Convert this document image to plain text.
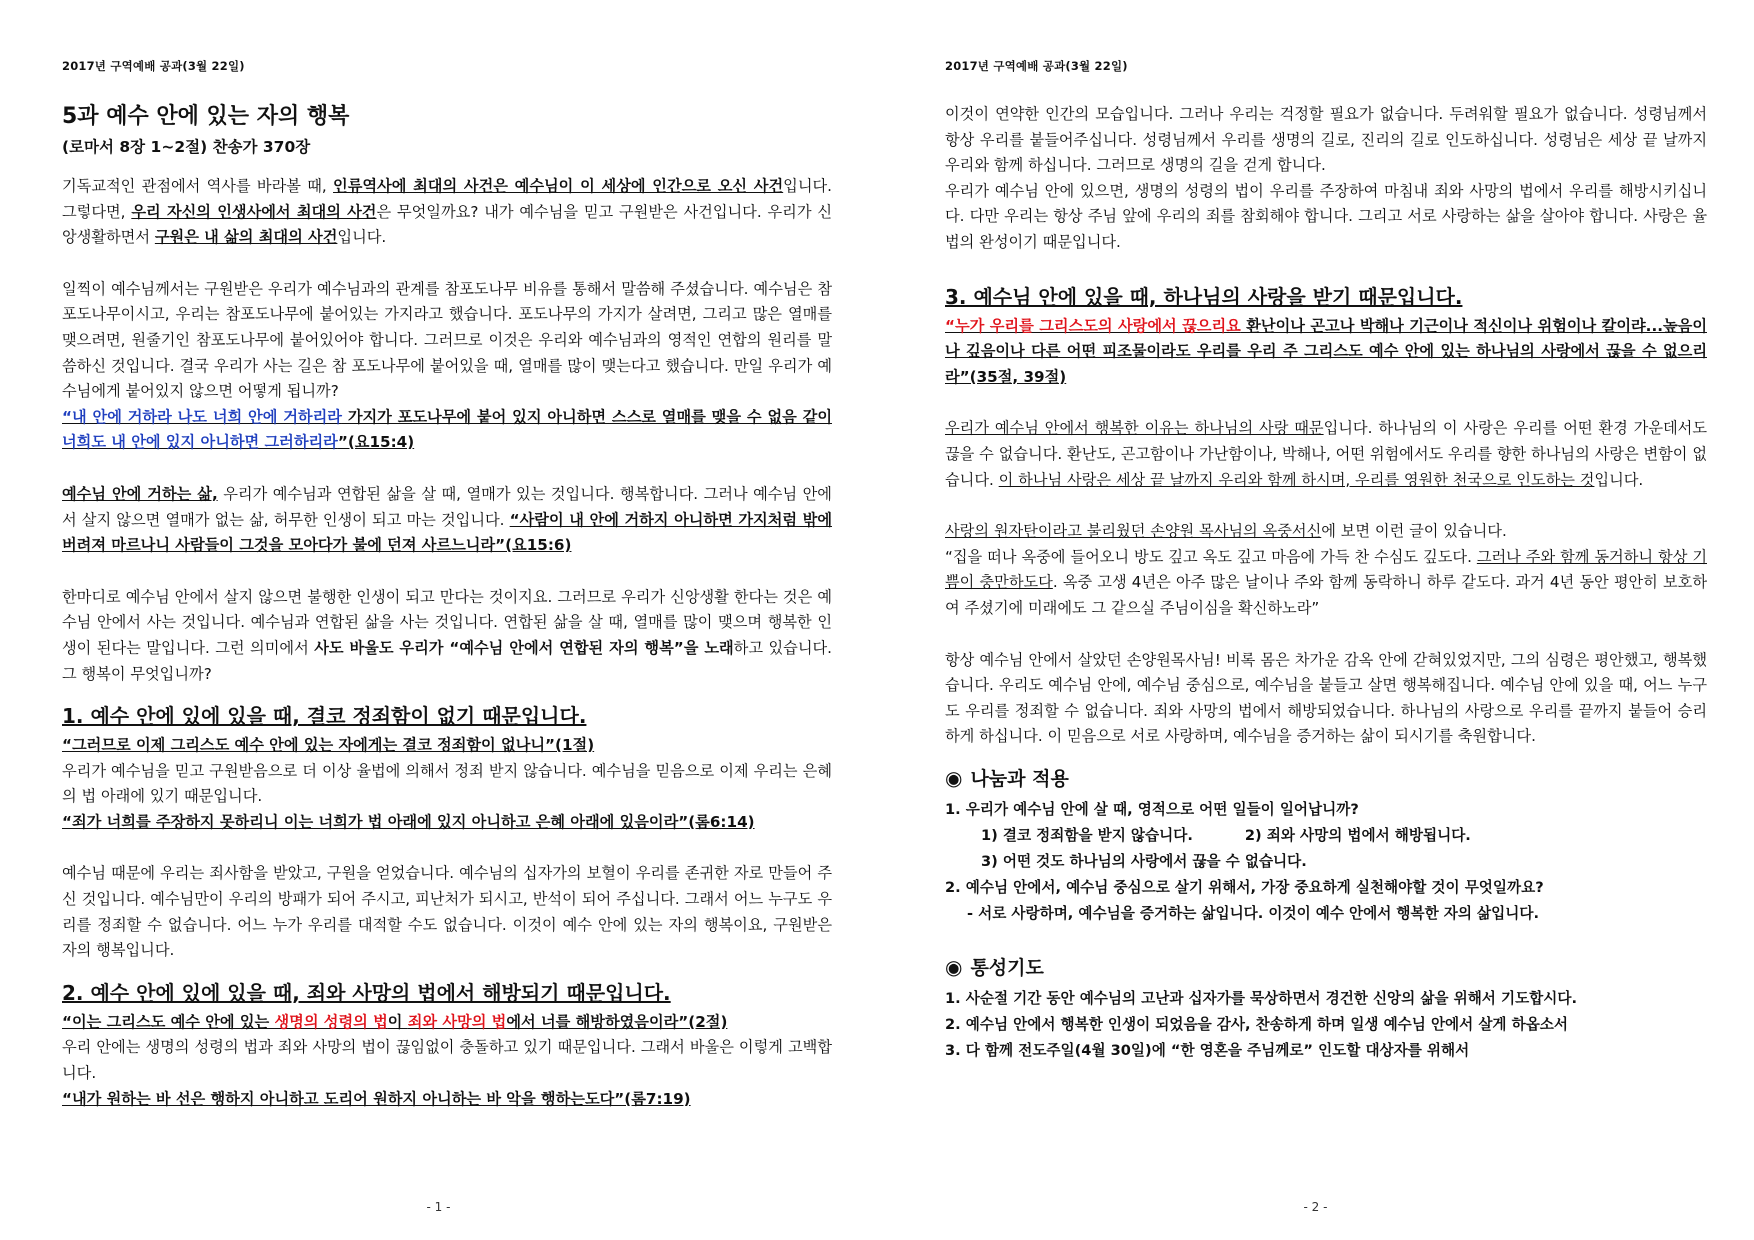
2017년 구역예배 공과(3월 22일)
5과 예수 안에 있는 자의 행복
(로마서 8장 1~2절) 찬송가 370장

기독교적인 관점에서 역사를 바라볼 때, 인류역사에 최대의 사건은 예수님이 이 세상에 인간으로 오신 사건입니다. 그렇다면, 우리 자신의 인생사에서 최대의 사건은 무엇일까요? 내가 예수님을 믿고 구원받은 사건입니다. 우리가 신앙생활하면서 구원은 내 삶의 최대의 사건입니다.

일찍이 예수님께서는 구원받은 우리가 예수님과의 관계를 참포도나무 비유를 통해서 말씀해 주셨습니다. 예수님은 참 포도나무이시고, 우리는 참포도나무에 붙어있는 가지라고 했습니다. 포도나무의 가지가 살려면, 그리고 많은 열매를 맺으려면, 원줄기인 참포도나무에 붙어있어야 합니다. 그러므로 이것은 우리와 예수님과의 영적인 연합의 원리를 말씀하신 것입니다. 결국 우리가 사는 길은 참 포도나무에 붙어있을 때, 열매를 많이 맺는다고 했습니다. 만일 우리가 예수님에게 붙어있지 않으면 어떻게 됩니까?

“내 안에 거하라 나도 너희 안에 거하리라 가지가 포도나무에 붙어 있지 아니하면 스스로 열매를 맺을 수 없음 같이 너희도 내 안에 있지 아니하면 그러하리라”(요15:4)

예수님 안에 거하는 삶, 우리가 예수님과 연합된 삶을 살 때, 열매가 있는 것입니다. 행복합니다. 그러나 예수님 안에서 살지 않으면 열매가 없는 삶, 허무한 인생이 되고 마는 것입니다. “사람이 내 안에 거하지 아니하면 가지처럼 밖에 버려져 마르나니 사람들이 그것을 모아다가 불에 던져 사르느니라”(요15:6)

한마디로 예수님 안에서 살지 않으면 불행한 인생이 되고 만다는 것이지요. 그러므로 우리가 신앙생활 한다는 것은 예수님 안에서 사는 것입니다. 예수님과 연합된 삶을 사는 것입니다. 연합된 삶을 살 때, 열매를 많이 맺으며 행복한 인생이 된다는 말입니다. 그런 의미에서 사도 바울도 우리가 “예수님 안에서 연합된 자의 행복”을 노래하고 있습니다. 그 행복이 무엇입니까?

1. 예수 안에 있에 있을 때, 결코 정죄함이 없기 때문입니다.

“그러므로 이제 그리스도 예수 안에 있는 자에게는 결코 정죄함이 없나니”(1절)

우리가 예수님을 믿고 구원받음으로 더 이상 율법에 의해서 정죄 받지 않습니다. 예수님을 믿음으로 이제 우리는 은혜의 법 아래에 있기 때문입니다.

“죄가 너희를 주장하지 못하리니 이는 너희가 법 아래에 있지 아니하고 은혜 아래에 있음이라”(롬6:14)

예수님 때문에 우리는 죄사함을 받았고, 구원을 얻었습니다. 예수님의 십자가의 보혈이 우리를 존귀한 자로 만들어 주신 것입니다. 예수님만이 우리의 방패가 되어 주시고, 피난처가 되시고, 반석이 되어 주십니다. 그래서 어느 누구도 우리를 정죄할 수 없습니다. 어느 누가 우리를 대적할 수도 없습니다. 이것이 예수 안에 있는 자의 행복이요, 구원받은 자의 행복입니다.

2. 예수 안에 있에 있을 때, 죄와 사망의 법에서 해방되기 때문입니다.

“이는 그리스도 예수 안에 있는 생명의 성령의 법이 죄와 사망의 법에서 너를 해방하였음이라”(2절)

우리 안에는 생명의 성령의 법과 죄와 사망의 법이 끊임없이 충돌하고 있기 때문입니다. 그래서 바울은 이렇게 고백합니다.

“내가 원하는 바 선은 행하지 아니하고 도리어 원하지 아니하는 바 악을 행하는도다”(롬7:19)

- 1 -
2017년 구역예배 공과(3월 22일)

이것이 연약한 인간의 모습입니다. 그러나 우리는 걱정할 필요가 없습니다. 두려워할 필요가 없습니다. 성령님께서 항상 우리를 붙들어주십니다. 성령님께서 우리를 생명의 길로, 진리의 길로 인도하십니다. 성령님은 세상 끝 날까지 우리와 함께 하십니다. 그러므로 생명의 길을 걷게 합니다.

우리가 예수님 안에 있으면, 생명의 성령의 법이 우리를 주장하여 마침내 죄와 사망의 법에서 우리를 해방시키십니다. 다만 우리는 항상 주님 앞에 우리의 죄를 참회해야 합니다. 그리고 서로 사랑하는 삶을 살아야 합니다. 사랑은 율법의 완성이기 때문입니다.

3. 예수님 안에 있을 때, 하나님의 사랑을 받기 때문입니다.

“누가 우리를 그리스도의 사랑에서 끊으리요 환난이나 곤고나 박해나 기근이나 적신이나 위험이나 칼이랴...높음이나 깊음이나 다른 어떤 피조물이라도 우리를 우리 주 그리스도 예수 안에 있는 하나님의 사랑에서 끊을 수 없으리라”(35절, 39절)

우리가 예수님 안에서 행복한 이유는 하나님의 사랑 때문입니다. 하나님의 이 사랑은 우리를 어떤 환경 가운데서도 끊을 수 없습니다. 환난도, 곤고함이나 가난함이나, 박해나, 어떤 위험에서도 우리를 향한 하나님의 사랑은 변함이 없습니다. 이 하나님 사랑은 세상 끝 날까지 우리와 함께 하시며, 우리를 영원한 천국으로 인도하는 것입니다.

사랑의 원자탄이라고 불리웠던 손양원 목사님의 옥중서신에 보면 이런 글이 있습니다.
“집을 떠나 옥중에 들어오니 방도 깊고 옥도 깊고 마음에 가득 찬 수심도 깊도다. 그러나 주와 함께 동거하니 항상 기쁨이 충만하도다. 옥중 고생 4년은 아주 많은 날이나 주와 함께 동락하니 하루 같도다. 과거 4년 동안 평안히 보호하여 주셨기에 미래에도 그 같으실 주님이심을 확신하노라”

항상 예수님 안에서 살았던 손양원목사님! 비록 몸은 차가운 감옥 안에 갇혀있었지만, 그의 심령은 평안했고, 행복했습니다. 우리도 예수님 안에, 예수님 중심으로, 예수님을 붙들고 살면 행복해집니다. 예수님 안에 있을 때, 어느 누구도 우리를 정죄할 수 없습니다. 죄와 사망의 법에서 해방되었습니다. 하나님의 사랑으로 우리를 끝까지 붙들어 승리하게 하십니다. 이 믿음으로 서로 사랑하며, 예수님을 증거하는 삶이 되시기를 축원합니다.

◉ 나눔과 적용
1. 우리가 예수님 안에 살 때, 영적으로 어떤 일들이 일어납니까?
1) 결코 정죄함을 받지 않습니다.	2) 죄와 사망의 법에서 해방됩니다.
3) 어떤 것도 하나님의 사랑에서 끊을 수 없습니다.
2. 예수님 안에서, 예수님 중심으로 살기 위해서, 가장 중요하게 실천해야할 것이 무엇일까요?
- 서로 사랑하며, 예수님을 증거하는 삶입니다. 이것이 예수 안에서 행복한 자의 삶입니다.
◉ 통성기도
1. 사순절 기간 동안 예수님의 고난과 십자가를 묵상하면서 경건한 신앙의 삶을 위해서 기도합시다.
2. 예수님 안에서 행복한 인생이 되었음을 감사, 찬송하게 하며 일생 예수님 안에서 살게 하옵소서
3. 다 함께 전도주일(4월 30일)에 “한 영혼을 주님께로” 인도할 대상자를 위해서
- 2 -
